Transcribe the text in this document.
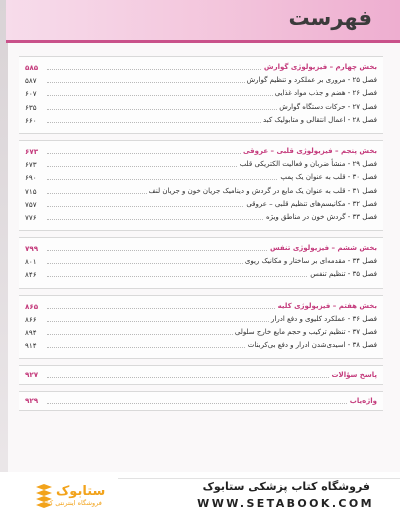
فهرست
بخش چهارم – فیزیولوژی گوارش
۵۸۵
فصل ۲۵ - مروری بر عملکرد و تنظیم گوارش
۵۸۷
فصل ۲۶ - هضم و جذب مواد غذایی
۶۰۷
فصل ۲۷ - حرکات دستگاه گوارش
۶۳۵
فصل ۲۸ - اعمال انتقالی و متابولیک کبد
۶۶۰
بخش پنجم – فیزیولوژی قلبی – عروقی
۶۷۳
فصل ۲۹ - منشأ ضربان و فعالیت الکتریکی قلب
۶۷۳
فصل ۳۰ - قلب به عنوان یک پمپ
۶۹۰
فصل ۳۱ - قلب به عنوان یک مایع در گردش و دینامیک جریان خون و جریان لنف
۷۱۵
فصل ۳۲ - مکانیسم‌های تنظیم قلبی – عروقی
۷۵۷
فصل ۳۳ - گردش خون در مناطق ویژه
۷۷۶
بخش ششم – فیزیولوژی تنفس
۷۹۹
فصل ۳۴ - مقدمه‌ای بر ساختار و مکانیک ریوی
۸۰۱
فصل ۳۵ - تنظیم تنفس
۸۴۶
بخش هفتم – فیزیولوژی کلیه
۸۶۵
فصل ۳۶ - عملکرد کلیوی و دفع ادرار
۸۶۶
فصل ۳۷ - تنظیم ترکیب و حجم مایع خارج سلولی
۸۹۴
فصل ۳۸ - اسیدی‌شدن ادرار و دفع بی‌کربنات
۹۱۴
پاسخ سؤالات
۹۲۷
واژه‌یاب
۹۲۹
ستابوک
فروشگاه اینترنتی کتاب
فروشگاه کتاب پزشکی ستابوک
WWW.SETABOOK.COM
